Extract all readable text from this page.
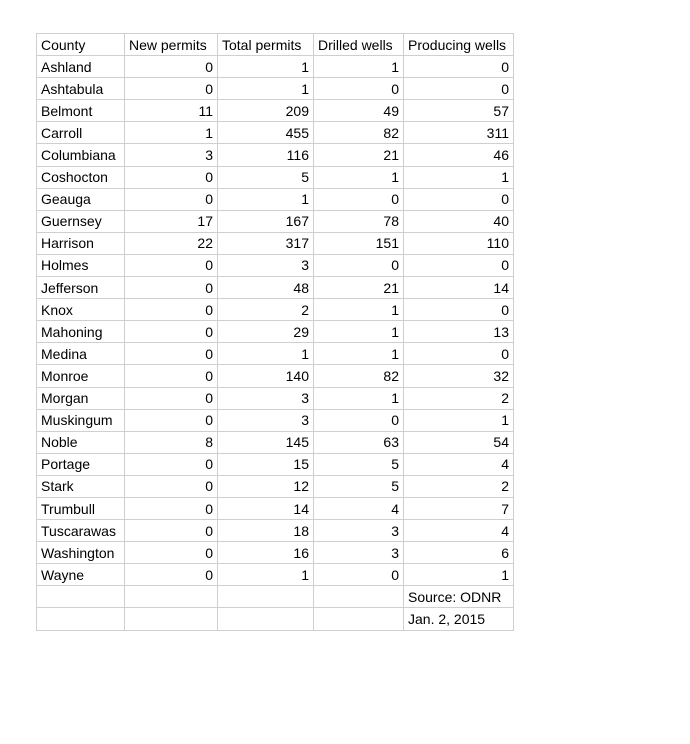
County	New permits	Total permits	Drilled wells	Producing wells
Ashland	0	1	1	0
Ashtabula	0	1	0	0
Belmont	11	209	49	57
Carroll	1	455	82	311
Columbiana	3	116	21	46
Coshocton	0	5	1	1
Geauga	0	1	0	0
Guernsey	17	167	78	40
Harrison	22	317	151	110
Holmes	0	3	0	0
Jefferson	0	48	21	14
Knox	0	2	1	0
Mahoning	0	29	1	13
Medina	0	1	1	0
Monroe	0	140	82	32
Morgan	0	3	1	2
Muskingum	0	3	0	1
Noble	8	145	63	54
Portage	0	15	5	4
Stark	0	12	5	2
Trumbull	0	14	4	7
Tuscarawas	0	18	3	4
Washington	0	16	3	6
Wayne	0	1	0	1
				Source: ODNR
				Jan. 2, 2015
